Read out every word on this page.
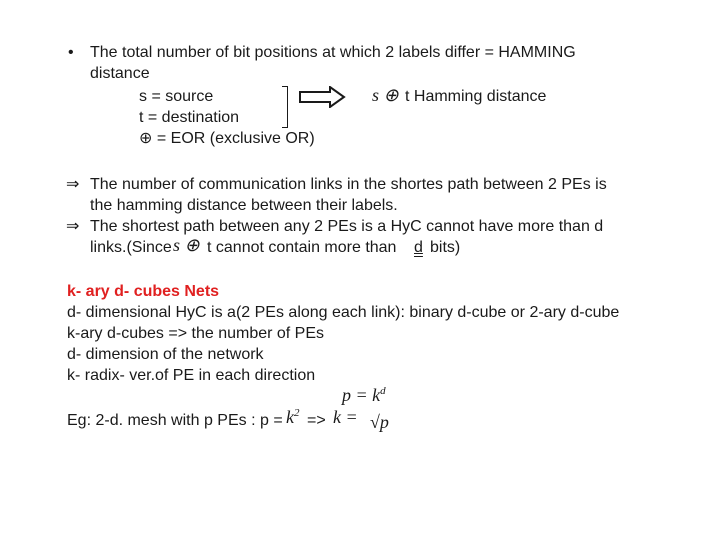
• The total number of bit positions at which 2 labels differ = HAMMING
distance
s = source
t = destination
⊕ = EOR (exclusive OR)
s ⊕ t Hamming distance
⇒ The number of communication links in the shortes path between 2 PEs is
the hamming distance between their labels.
⇒ The shortest path between any 2 PEs is a HyC cannot have more than d
links.(Since s ⊕ t cannot contain more than d bits)
k- ary d- cubes Nets
d- dimensional HyC is a(2 PEs along each link): binary d-cube or 2-ary d-cube
k-ary d-cubes => the number of PEs
d- dimension of the network
k- radix- ver.of PE in each direction
$p = k^d$
Eg: 2-d. mesh with p PEs : $p = k^2 => k = √p$
